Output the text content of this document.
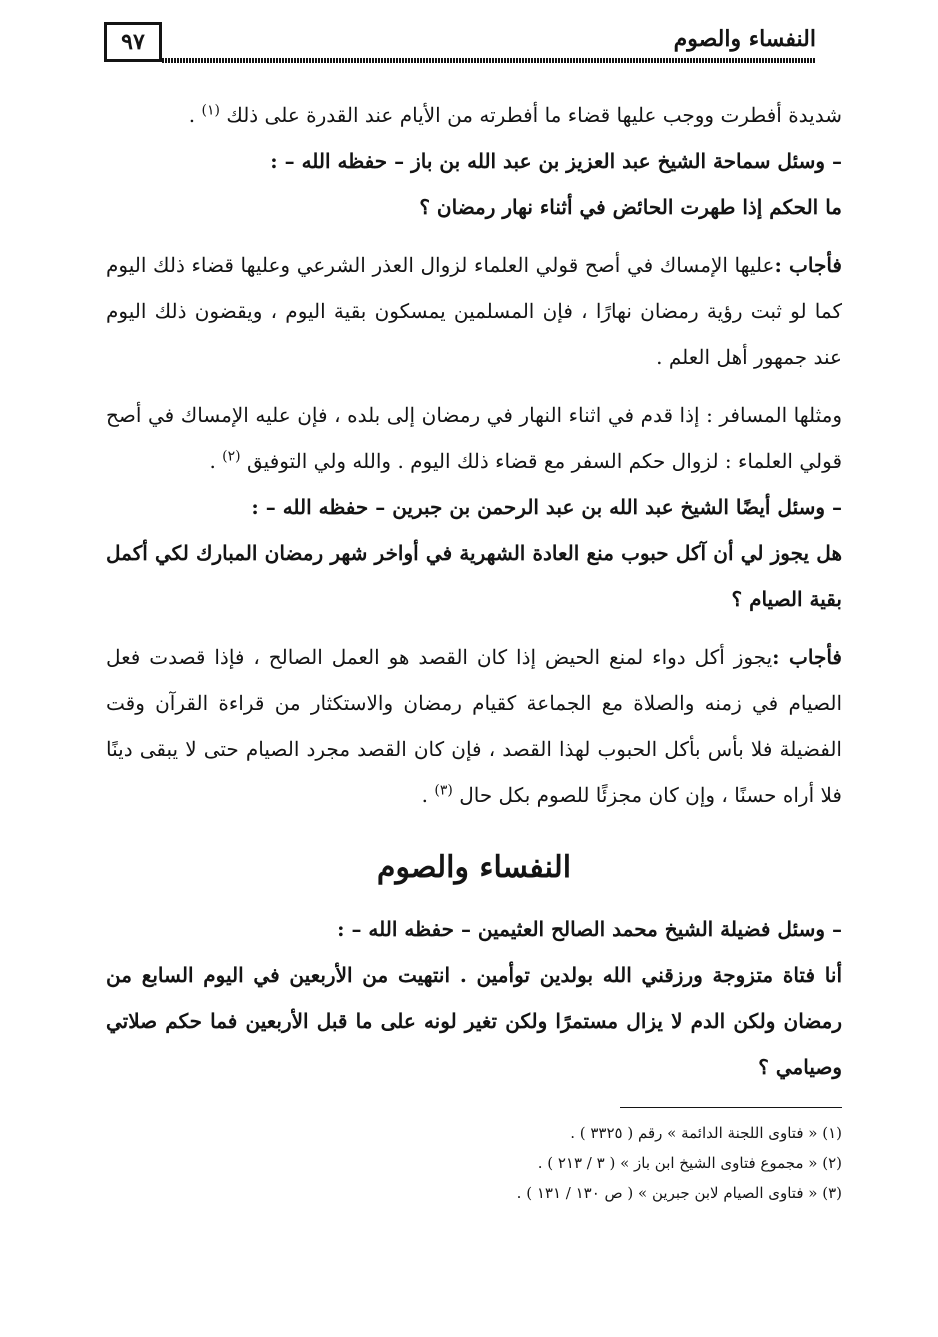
النفساء والصوم
٩٧

شديدة أفطرت ووجب عليها قضاء ما أفطرته من الأيام عند القدرة على ذلك $^{(١)}$ .

– وسئل سماحة الشيخ عبد العزيز بن عبد الله بن باز – حفظه الله – :

ما الحكم إذا طهرت الحائض في أثناء نهار رمضان ؟

فأجاب :عليها الإمساك في أصح قولي العلماء لزوال العذر الشرعي وعليها قضاء ذلك اليوم كما لو ثبت رؤية رمضان نهارًا ، فإن المسلمين يمسكون بقية اليوم ، ويقضون ذلك اليوم عند جمهور أهل العلم .

ومثلها المسافر : إذا قدم في اثناء النهار في رمضان إلى بلده ، فإن عليه الإمساك في أصح قولي العلماء : لزوال حكم السفر مع قضاء ذلك اليوم . والله ولي التوفيق $^{(٢)}$ .

– وسئل أيضًا الشيخ عبد الله بن عبد الرحمن بن جبرين – حفظه الله – :

هل يجوز لي أن آكل حبوب منع العادة الشهرية في أواخر شهر رمضان المبارك لكي أكمل بقية الصيام ؟

فأجاب :يجوز أكل دواء لمنع الحيض إذا كان القصد هو العمل الصالح ، فإذا قصدت فعل الصيام في زمنه والصلاة مع الجماعة كقيام رمضان والاستكثار من قراءة القرآن وقت الفضيلة فلا بأس بأكل الحبوب لهذا القصد ، فإن كان القصد مجرد الصيام حتى لا يبقى دينًا فلا أراه حسنًا ، وإن كان مجزئًا للصوم بكل حال $^{(٣)}$ .

النفساء والصوم

– وسئل فضيلة الشيخ محمد الصالح العثيمين – حفظه الله – :

أنا فتاة متزوجة ورزقني الله بولدين توأمين . انتهيت من الأربعين في اليوم السابع من رمضان ولكن الدم لا يزال مستمرًا ولكن تغير لونه على ما قبل الأربعين فما حكم صلاتي وصيامي ؟

(١) « فتاوى اللجنة الدائمة » رقم ( ٣٣٢٥ ) .

(٢) « مجموع فتاوى الشيخ ابن باز » ( ٣ / ٢١٣ ) .

(٣) « فتاوى الصيام لابن جبرين » ( ص ١٣٠ / ١٣١ ) .
